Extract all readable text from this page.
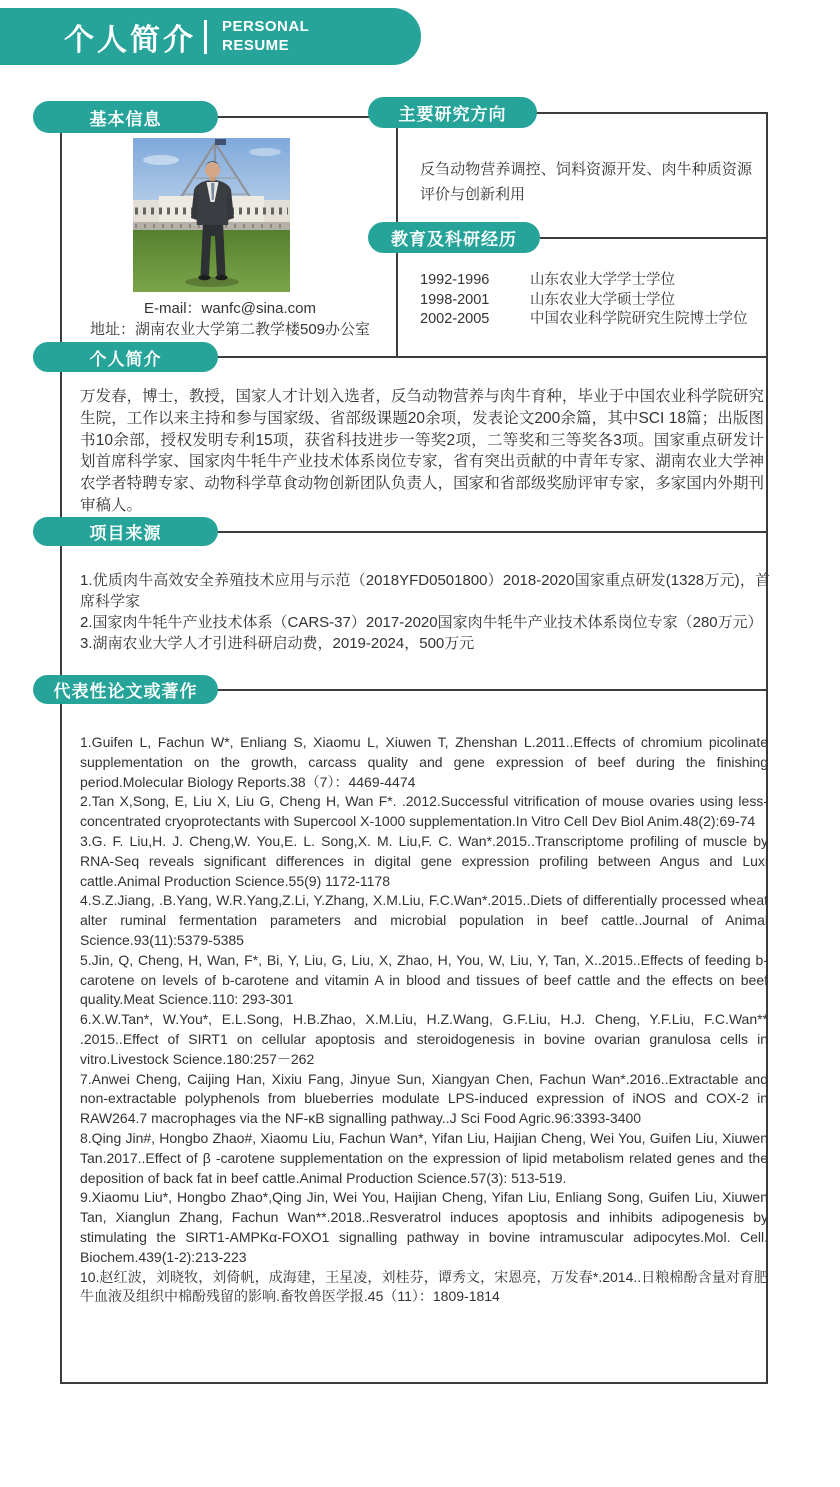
个人简介 PERSONAL
RESUME
基本信息	主要研究方向
教育及科研经历
个人简介
项目来源
代表性论文或著作
E-mail：wanfc@sina.com
地址：湖南农业大学第二教学楼509办公室
反刍动物营养调控、饲料资源开发、肉牛种质资源评价与创新利用
1992-1996	山东农业大学学士学位
1998-2001	山东农业大学硕士学位
2002-2005	中国农业科学院研究生院博士学位
万发春，博士，教授，国家人才计划入选者，反刍动物营养与肉牛育种，毕业于中国农业科学院研究生院，工作以来主持和参与国家级、省部级课题20余项，发表论文200余篇，其中SCI 18篇；出版图书10余部，授权发明专利15项，获省科技进步一等奖2项，二等奖和三等奖各3项。国家重点研发计划首席科学家、国家肉牛牦牛产业技术体系岗位专家，省有突出贡献的中青年专家、湖南农业大学神农学者特聘专家、动物科学草食动物创新团队负责人，国家和省部级奖励评审专家，多家国内外期刊审稿人。
1.优质肉牛高效安全养殖技术应用与示范（2018YFD0501800）2018-2020国家重点研发(1328万元)，首席科学家
2.国家肉牛牦牛产业技术体系（CARS-37）2017-2020国家肉牛牦牛产业技术体系岗位专家（280万元）
3.湖南农业大学人才引进科研启动费，2019-2024，500万元
1.Guifen L, Fachun W*, Enliang S, Xiaomu L, Xiuwen T, Zhenshan L.2011..Effects of chromium picolinate supplementation on the growth, carcass quality and gene expression of beef during the finishing period.Molecular Biology Reports.38（7）：4469-4474
2.Tan X,Song, E, Liu X, Liu G, Cheng H, Wan F*. .2012.Successful vitrification of mouse ovaries using less-concentrated cryoprotectants with Supercool X-1000 supplementation.In Vitro Cell Dev Biol Anim.48(2):69-74
3.G. F. Liu,H. J. Cheng,W. You,E. L. Song,X. M. Liu,F. C. Wan*.2015..Transcriptome profiling of muscle by RNA-Seq reveals significant differences in digital gene expression profiling between Angus and Luxi cattle.Animal Production Science.55(9) 1172-1178
4.S.Z.Jiang, .B.Yang, W.R.Yang,Z.Li, Y.Zhang, X.M.Liu, F.C.Wan*.2015..Diets of differentially processed wheat alter ruminal fermentation parameters and microbial population in beef cattle..Journal of Animal Science.93(11):5379-5385
5.Jin, Q, Cheng, H, Wan, F*, Bi, Y, Liu, G, Liu, X, Zhao, H, You, W, Liu, Y, Tan, X..2015..Effects of feeding b-carotene on levels of b-carotene and vitamin A in blood and tissues of beef cattle and the effects on beef quality.Meat Science.110: 293-301
6.X.W.Tan*, W.You*, E.L.Song, H.B.Zhao, X.M.Liu, H.Z.Wang, G.F.Liu, H.J. Cheng, Y.F.Liu, F.C.Wan** .2015..Effect of SIRT1 on cellular apoptosis and steroidogenesis in bovine ovarian granulosa cells in vitro.Livestock Science.180:257－262
7.Anwei Cheng, Caijing Han, Xixiu Fang, Jinyue Sun, Xiangyan Chen, Fachun Wan*.2016..Extractable and non-extractable polyphenols from blueberries modulate LPS-induced expression of iNOS and COX-2 in RAW264.7 macrophages via the NF-κB signalling pathway..J Sci Food Agric.96:3393-3400
8.Qing Jin#, Hongbo Zhao#, Xiaomu Liu, Fachun Wan*, Yifan Liu, Haijian Cheng, Wei You, Guifen Liu, Xiuwen Tan.2017..Effect of β -carotene supplementation on the expression of lipid metabolism related genes and the deposition of back fat in beef cattle.Animal Production Science.57(3): 513-519.
9.Xiaomu Liu*, Hongbo Zhao*,Qing Jin, Wei You, Haijian Cheng, Yifan Liu, Enliang Song, Guifen Liu, Xiuwen Tan, Xianglun Zhang, Fachun Wan**.2018..Resveratrol induces apoptosis and inhibits adipogenesis by stimulating the SIRT1-AMPKα-FOXO1 signalling pathway in bovine intramuscular adipocytes.Mol. Cell. Biochem.439(1-2):213-223
10.赵红波，刘晓牧，刘倚帆，成海建，王星凌，刘桂芬，谭秀文，宋恩亮，万发春*.2014..日粮棉酚含量对育肥牛血液及组织中棉酚残留的影响.畜牧兽医学报.45（11）：1809-1814
